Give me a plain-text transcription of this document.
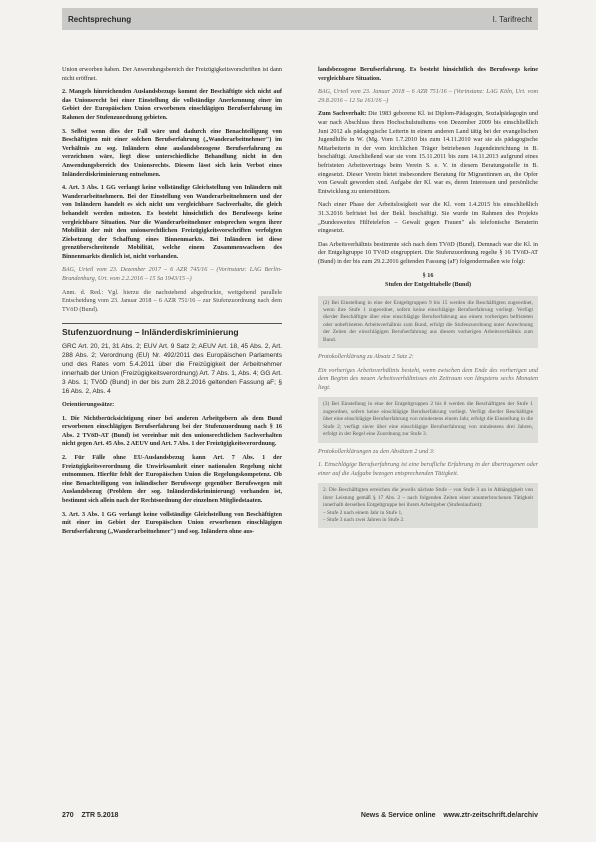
Rechtsprechung	I. Tarifrecht

Union erworben haben. Der Anwendungsbereich der Freizügigkeitsvorschriften ist dann nicht eröffnet.

2. Mangels hinreichenden Auslandsbezugs kommt der Beschäftigte sich nicht auf das Unionsrecht bei einer Einstellung die vollständige Anerkennung einer im Gebiet der Europäischen Union erworbenen einschlägigen Berufserfahrung im Rahmen der Stufenzuordnung gebieten.

3. Selbst wenn dies der Fall wäre und dadurch eine Benachteiligung von Beschäftigten mit einer solchen Berufserfahrung („Wanderarbeitnehmer") im Verhältnis zu sog. Inländern ohne auslandsbezogene Berufserfahrung zu verzeichnen wäre, liegt diese unterschiedliche Behandlung nicht in den Anwendungsbereich des Unionsrechts. Diesem lässt sich kein Verbot eines Inländerdiskriminierung entnehmen.

4. Art. 3 Abs. 1 GG verlangt keine vollständige Gleichstellung von Inländern mit Wanderarbeitnehmern. Bei der Einstellung von Wanderarbeitnehmern und der von Inländern handelt es sich nicht um vergleichbare Sachverhalte, die gleich behandelt werden müssten. Es besteht hinsichtlich des Berufswegs keine vergleichbare Situation. Nur die Wanderarbeitnehmer entsprechen wegen ihrer Mobilität der mit den unionsrechtlichen Freizügigkeitsvorschriften verfolgten Zielsetzung der Schaffung eines Binnenmarkts. Bei Inländern ist diese grenzüberschreitende Mobilität, welche einem Zusammenwachsen des Binnenmarkts dienlich ist, nicht vorhanden.

BAG, Urteil vom 23. Dezember 2017 – 6 AZR 745/16 – (Vorinstanz: LAG Berlin-Brandenburg, Urt. vom 2.2.2016 – 15 Sa 1943/15 –)

Anm. d. Red.: Vgl. hierzu die nachstehend abgedruckte, weitgehend parallele Entscheidung vom 23. Januar 2018 – 6 AZR 751/16 – zur Stufenzuordnung nach dem TVöD (Bund).

Stufenzuordnung – Inländerdiskriminierung

GRC Art. 20, 21, 31 Abs. 2; EUV Art. 9 Satz 2; AEUV Art. 18, 45 Abs. 2, Art. 288 Abs. 2; Verordnung (EU) Nr. 492/2011 des Europäischen Parlaments und des Rates vom 5.4.2011 über die Freizügigkeit der Arbeitnehmer innerhalb der Union (Freizügigkeitsverordnung) Art. 7 Abs. 1, Abs. 4; GG Art. 3 Abs. 1; TVöD (Bund) in der bis zum 28.2.2016 geltenden Fassung aF; § 16 Abs. 2, Abs. 4

Orientierungssätze:

1. Die Nichtberücksichtigung einer bei anderen Arbeitgebern als dem Bund erworbenen einschlägigen Berufserfahrung bei der Stufenzuordnung nach § 16 Abs. 2 TVöD-AT (Bund) ist vereinbar mit den unionsrechtlichen Sachverhalten nicht gegen Art. 45 Abs. 2 AEUV und Art. 7 Abs. 1 der Freizügigkeitsverordnung.

2. Für Fälle ohne EU-Auslandsbezug kann Art. 7 Abs. 1 der Freizügigkeitsverordnung die Unwirksamkeit einer nationalen Regelung nicht entnommen. Hierfür fehlt der Europäischen Union die Regelungskompetenz. Ob eine Benachteiligung von inländischer Berufswege gegenüber Berufswegen mit Auslandsbezug (Problem der sog. Inländerdiskriminierung) vorhanden ist, bestimmt sich allein nach der Rechtsordnung der einzelnen Mitgliedstaaten.

3. Art. 3 Abs. 1 GG verlangt keine vollständige Gleichstellung von Beschäftigten mit einer im Gebiet der Europäischen Union erworbenen einschlägigen Berufserfahrung („Wanderarbeitnehmer") und sog. Inländern ohne aus-

landsbezogene Berufserfahrung. Es besteht hinsichtlich des Berufswegs keine vergleichbare Situation.

BAG, Urteil vom 23. Januar 2018 – 6 AZR 751/16 – (Vorinstanz: LAG Köln, Urt. vom 29.8.2016 – 12 Sa 161/16 –)

Zum Sachverhalt: Die 1983 geborene Kl. ist Diplom-Pädagogin, Sozialpädagogin und war nach Abschluss ihres Hochschulstudiums von Dezember 2009 bis einschließlich Juni 2012 als pädagogische Leiterin in einem anderen Land tätig bei der evangelischen Jugendhilfe in W. (Mg. Vom 1.7.2010 bis zum 14.11.2010 war sie als pädagogische Mitarbeiterin in der vom kirchlichen Träger betriebenen Jugendeinrichtung in B. beschäftigt. Anschließend war sie vom 15.11.2011 bis zum 14.11.2013 aufgrund eines befristeten Arbeitsvertrags beim Verein S. e. V. in diesem Beratungsstelle in B. eingesetzt. Dieser Verein bietet insbesondere Beratung für Migrantinnen an, die Opfer von Gewalt geworden sind. Aufgabe der Kl. war es, deren Interessen und persönliche Entwicklung zu unterstützen.

Nach einer Phase der Arbeitslosigkeit war die Kl. vom 1.4.2015 bis einschließlich 31.3.2016 befristet bei der Bekl. beschäftigt. Sie wurde im Rahmen des Projekts „Bundesweites Hilfetelefon – Gewalt gegen Frauen" als telefonische Beraterin eingesetzt.

Das Arbeitsverhältnis bestimmte sich nach dem TVöD (Bund). Demnach war die Kl. in der Entgeltgruppe 10 TVöD eingruppiert. Die Stufenzuordnung regelte § 16 TVöD-AT (Bund) in der bis zum 29.2.2016 geltenden Fassung (aF) folgendermaßen wie folgt:

§ 16
Stufen der Entgelttabelle (Bund)

(2) Bei Einstellung in eine der Entgeltgruppen 9 bis 15 werden die Beschäftigten zugeordnet, wenn ihre Stufe 1 zugeordnet, sofern keine einschlägige Berufserfahrung vorliegt. Verfügt die/der Beschäftigte über eine einschlägige Berufserfahrung aus einem vorherigen befristeten oder unbefristeten Arbeitsverhältnis zum Bund, erfolgt die Stufenzuordnung unter Anrechnung der Zeiten der einschlägigen Berufserfahrung aus diesem vorherigen Arbeitsverhältnis zum Bund.

Protokollerklärung zu Absatz 2 Satz 2:

Ein vorheriges Arbeitsverhältnis besteht, wenn zwischen dem Ende des vorherigen und dem Beginn des neuen Arbeitsverhältnisses ein Zeitraum von längstens sechs Monaten liegt.

(3) Bei Einstellung in eine der Entgeltgruppen 2 bis 8 werden die Beschäftigten der Stufe 1 zugeordnet, sofern keine einschlägige Berufserfahrung vorliegt. Verfügt die/der Beschäftigte über eine einschlägige Berufserfahrung von mindestens einem Jahr, erfolgt die Einstellung in die Stufe 2; verfügt sie/er über eine einschlägige Berufserfahrung von mindestens drei Jahren, erfolgt in der Regel eine Zuordnung zur Stufe 3.

Protokollerklärungen zu den Absätzen 2 und 3:

1. Einschlägige Berufserfahrung ist eine berufliche Erfahrung in der übertragenen oder einer auf die Aufgabe bezogen entsprechenden Tätigkeit.

2. Die Beschäftigten erreichen die jeweils nächste Stufe – von Stufe 3 an in Abhängigkeit von ihrer Leistung gemäß § 17 Abs. 2 – nach folgenden Zeiten einer ununterbrochenen Tätigkeit innerhalb derselben Entgeltgruppe bei ihrem Arbeitgeber (Stufenlaufzeit):
– Stufe 2 nach einem Jahr in Stufe 1,
– Stufe 3 nach zwei Jahren in Stufe 2.

270 ZTR 5.2018	News & Service online www.ztr-zeitschrift.de/archiv
